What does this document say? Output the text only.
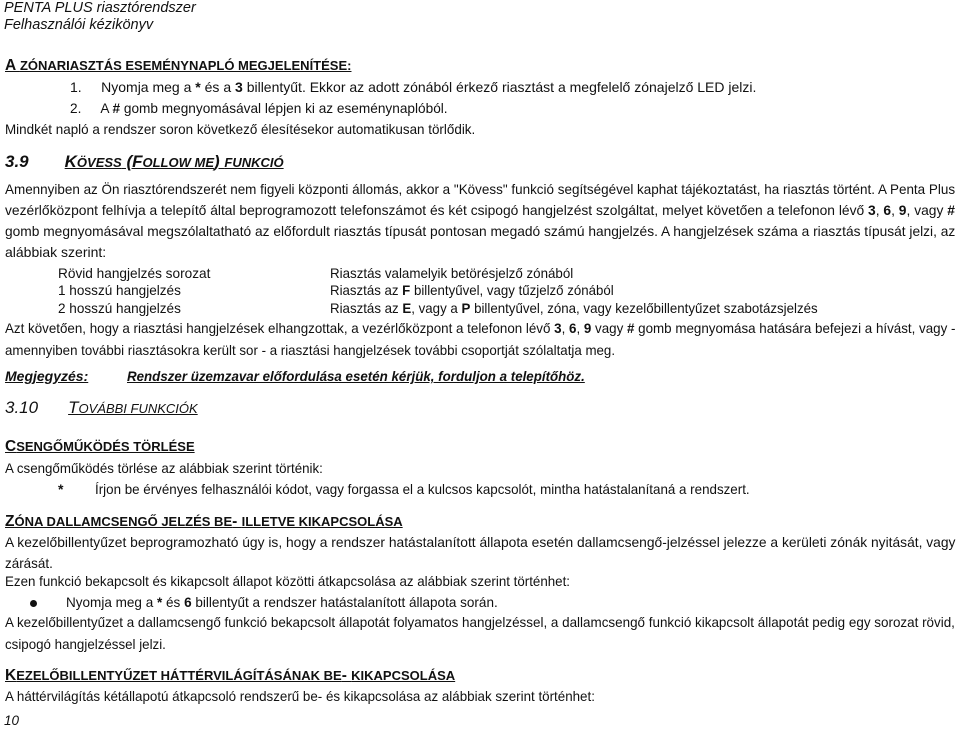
PENTA PLUS riasztórendszer
Felhasználói kézikönyv
A ZÓNARIASZTÁS ESEMÉNYNAPLÓ MEGJELENÍTÉSE:
1. Nyomja meg a * és a 3 billentyűt. Ekkor az adott zónából érkező riasztást a megfelelő zónajelző LED jelzi.
2. A # gomb megnyomásával lépjen ki az eseménynaplóból.
Mindkét napló a rendszer soron következő élesítésekor automatikusan törlődik.
3.9 KÖVESS (FOLLOW ME) FUNKCIÓ
Amennyiben az Ön riasztórendszerét nem figyeli központi állomás, akkor a "Kövess" funkció segítségével kaphat tájékoztatást, ha riasztás történt. A Penta Plus
vezérlőközpont felhívja a telepítő által beprogramozott telefonszámot és két csipogó hangjelzést szolgáltat, melyet követően a telefonon lévő 3, 6, 9, vagy #
gomb megnyomásával megszólaltatható az előfordult riasztás típusát pontosan megadó számú hangjelzés. A hangjelzések száma a riasztás típusát jelzi, az
alábbiak szerint:
Rövid hangjelzés sorozat	Riasztás valamelyik betörésjelző zónából
1 hosszú hangjelzés	Riasztás az F billentyűvel, vagy tűzjelző zónából
2 hosszú hangjelzés	Riasztás az E, vagy a P billentyűvel, zóna, vagy kezelőbillentyűzet szabotázsjelzés
Azt követően, hogy a riasztási hangjelzések elhangzottak, a vezérlőközpont a telefonon lévő 3, 6, 9 vagy # gomb megnyomása hatására befejezi a hívást, vagy -
amennyiben további riasztásokra került sor - a riasztási hangjelzések további csoportját szólaltatja meg.
Megjegyzés:	Rendszer üzemzavar előfordulása esetén kérjük, forduljon a telepítőhöz.
3.10 TOVÁBBI FUNKCIÓK
CSENGŐMŰKÖDÉS TÖRLÉSE
A csengőműködés törlése az alábbiak szerint történik:
* Írjon be érvényes felhasználói kódot, vagy forgassa el a kulcsos kapcsolót, mintha hatástalanítaná a rendszert.
ZÓNA DALLAMCSENGŐ JELZÉS BE- ILLETVE KIKAPCSOLÁSA
A kezelőbillentyűzet beprogramozható úgy is, hogy a rendszer hatástalanított állapota esetén dallamcsengő-jelzéssel jelezze a kerületi zónák nyitását, vagy
zárását.
Ezen funkció bekapcsolt és kikapcsolt állapot közötti átkapcsolása az alábbiak szerint történhet:
Nyomja meg a * és 6 billentyűt a rendszer hatástalanított állapota során.
A kezelőbillentyűzet a dallamcsengő funkció bekapcsolt állapotát folyamatos hangjelzéssel, a dallamcsengő funkció kikapcsolt állapotát pedig egy sorozat rövid,
csipogó hangjelzéssel jelzi.
KEZELŐBILLENTYŰZET HÁTTÉRVILÁGÍTÁSÁNAK BE- KIKAPCSOLÁSA
A háttérvilágítás kétállapotú átkapcsoló rendszerű be- és kikapcsolása az alábbiak szerint történhet:
10
